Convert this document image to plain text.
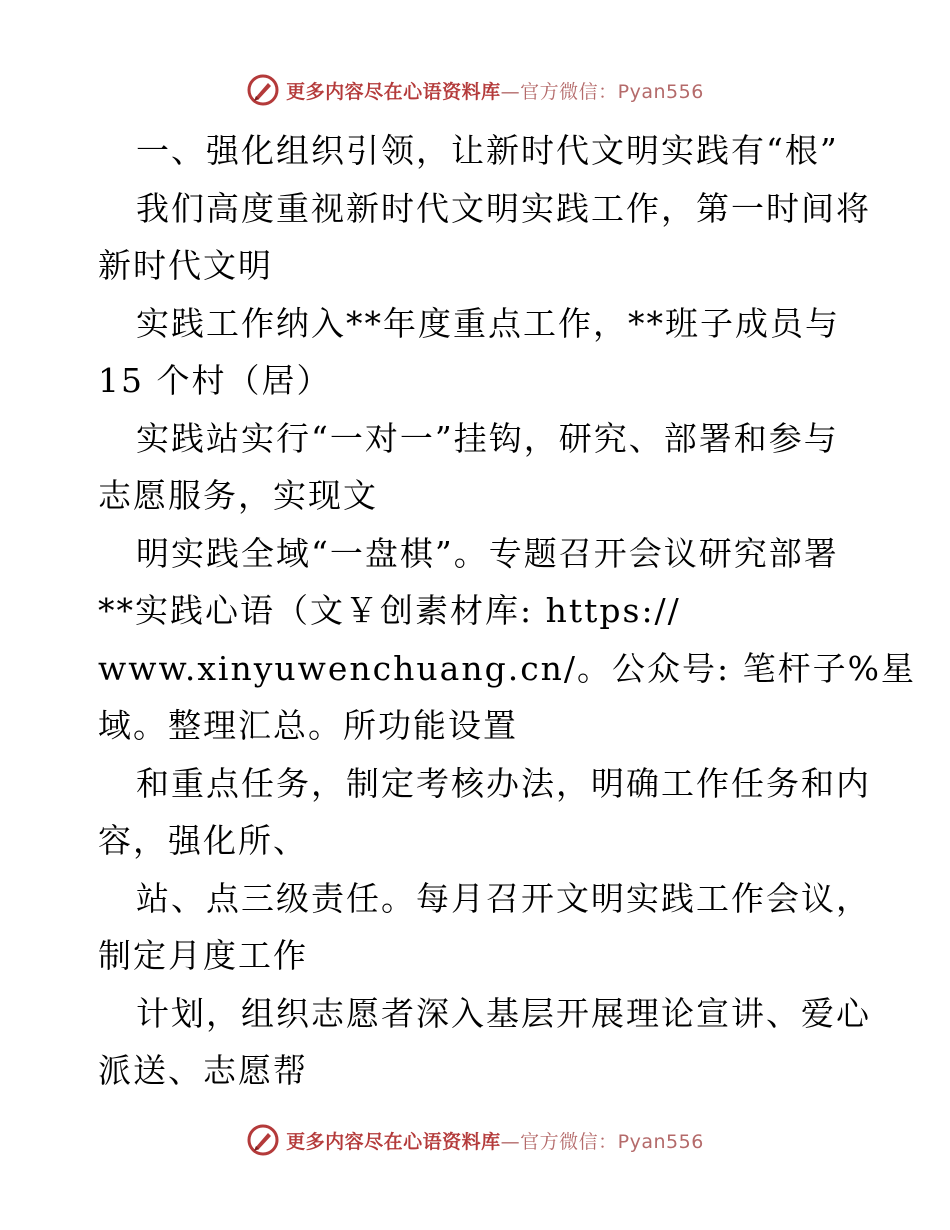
更多内容尽在心语资料库—官方微信：Pyan556
一、强化组织引领，让新时代文明实践有“根”
我们高度重视新时代文明实践工作，第一时间将
新时代文明
实践工作纳入**年度重点工作，**班子成员与
15 个村（居）
实践站实行“一对一”挂钩，研究、部署和参与
志愿服务，实现文
明实践全域“一盘棋”。专题召开会议研究部署
**实践心语（文￥创素材库: https://
www.xinyuwenchuang.cn/。公众号: 笔杆子%星
域。整理汇总。所功能设置
和重点任务，制定考核办法，明确工作任务和内
容，强化所、
站、点三级责任。每月召开文明实践工作会议，
制定月度工作
计划，组织志愿者深入基层开展理论宣讲、爱心
派送、志愿帮
更多内容尽在心语资料库—官方微信：Pyan556
